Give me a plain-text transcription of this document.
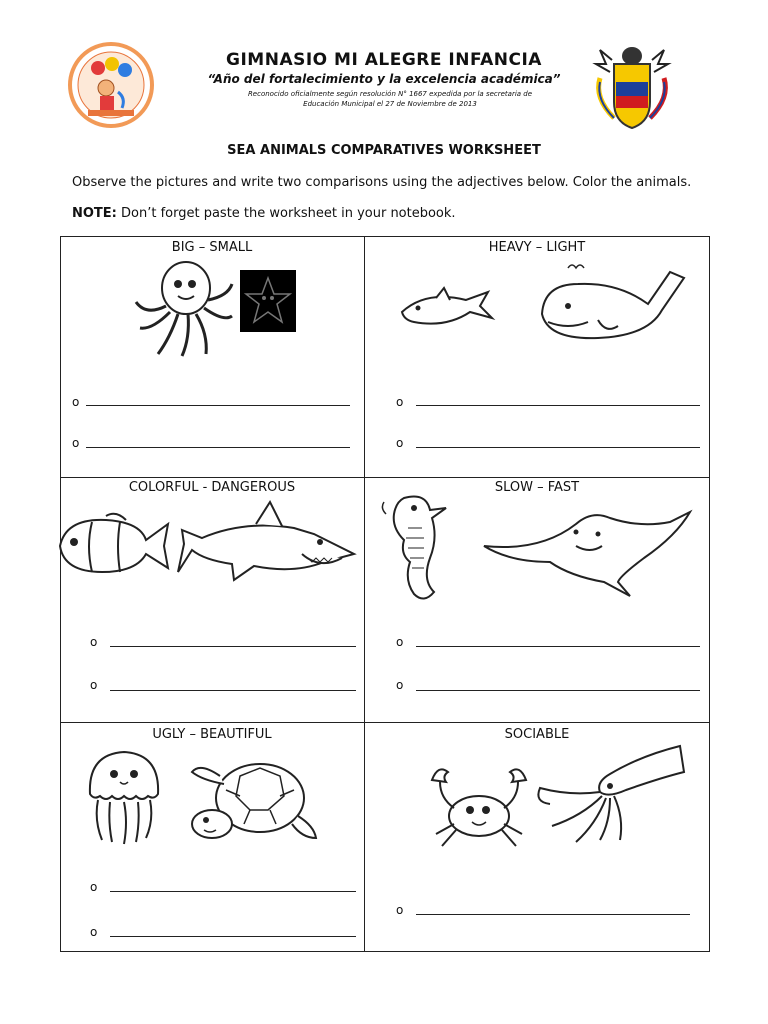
GIMNASIO MI ALEGRE INFANCIA
“Año del fortalecimiento y la excelencia académica”
Reconocido oficialmente según resolución N° 1667 expedida por la secretaria de
Educación Municipal el 27 de Noviembre de 2013
SEA ANIMALS COMPARATIVES WORKSHEET
Observe the pictures and write two comparisons using the adjectives below. Color the animals.
NOTE: Don’t forget paste the worksheet in your notebook.
BIG – SMALL
o
o
HEAVY – LIGHT
o
o
COLORFUL - DANGEROUS
o
o
SLOW – FAST
o
o
UGLY – BEAUTIFUL
o
o
SOCIABLE
o
